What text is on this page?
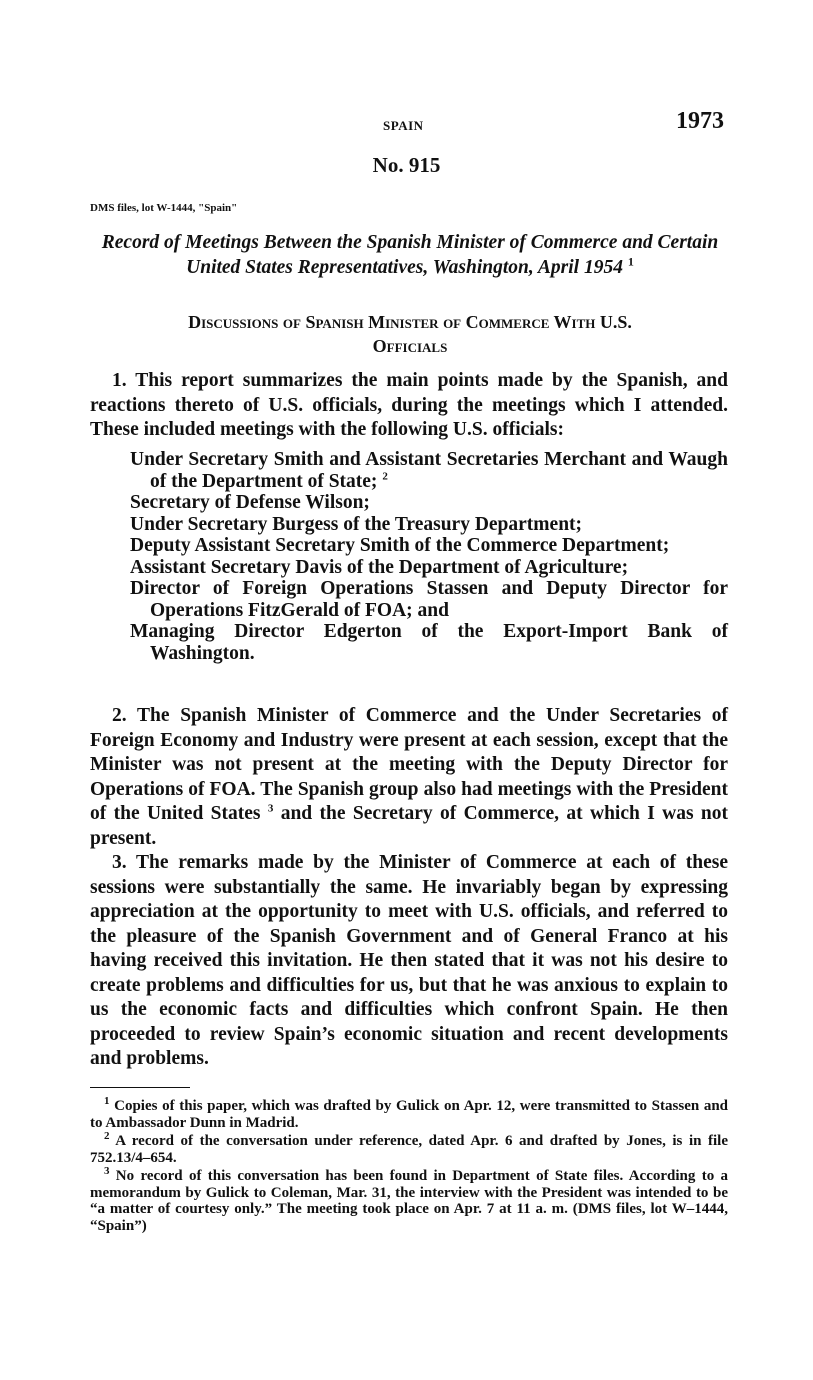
SPAIN	1973
No. 915
DMS files, lot W-1444, "Spain"
Record of Meetings Between the Spanish Minister of Commerce and Certain United States Representatives, Washington, April 1954 $^1$
Discussions of Spanish Minister of Commerce With U.S.
Officials

1. This report summarizes the main points made by the Spanish, and reactions thereto of U.S. officials, during the meetings which I attended. These included meetings with the following U.S. officials:

Under Secretary Smith and Assistant Secretaries Merchant and Waugh of the Department of State; $^2$
Secretary of Defense Wilson;
Under Secretary Burgess of the Treasury Department;
Deputy Assistant Secretary Smith of the Commerce Department;
Assistant Secretary Davis of the Department of Agriculture;
Director of Foreign Operations Stassen and Deputy Director for Operations FitzGerald of FOA; and
Managing Director Edgerton of the Export-Import Bank of Washington.

2. The Spanish Minister of Commerce and the Under Secretaries of Foreign Economy and Industry were present at each session, except that the Minister was not present at the meeting with the Deputy Director for Operations of FOA. The Spanish group also had meetings with the President of the United States $^3$ and the Secretary of Commerce, at which I was not present.

3. The remarks made by the Minister of Commerce at each of these sessions were substantially the same. He invariably began by expressing appreciation at the opportunity to meet with U.S. officials, and referred to the pleasure of the Spanish Government and of General Franco at his having received this invitation. He then stated that it was not his desire to create problems and difficulties for us, but that he was anxious to explain to us the economic facts and difficulties which confront Spain. He then proceeded to review Spain’s economic situation and recent developments and problems.

$^1$ Copies of this paper, which was drafted by Gulick on Apr. 12, were transmitted to Stassen and to Ambassador Dunn in Madrid.

$^2$ A record of the conversation under reference, dated Apr. 6 and drafted by Jones, is in file 752.13/4–654.

$^3$ No record of this conversation has been found in Department of State files. According to a memorandum by Gulick to Coleman, Mar. 31, the interview with the President was intended to be “a matter of courtesy only.” The meeting took place on Apr. 7 at 11 a. m. (DMS files, lot W–1444, “Spain”)
